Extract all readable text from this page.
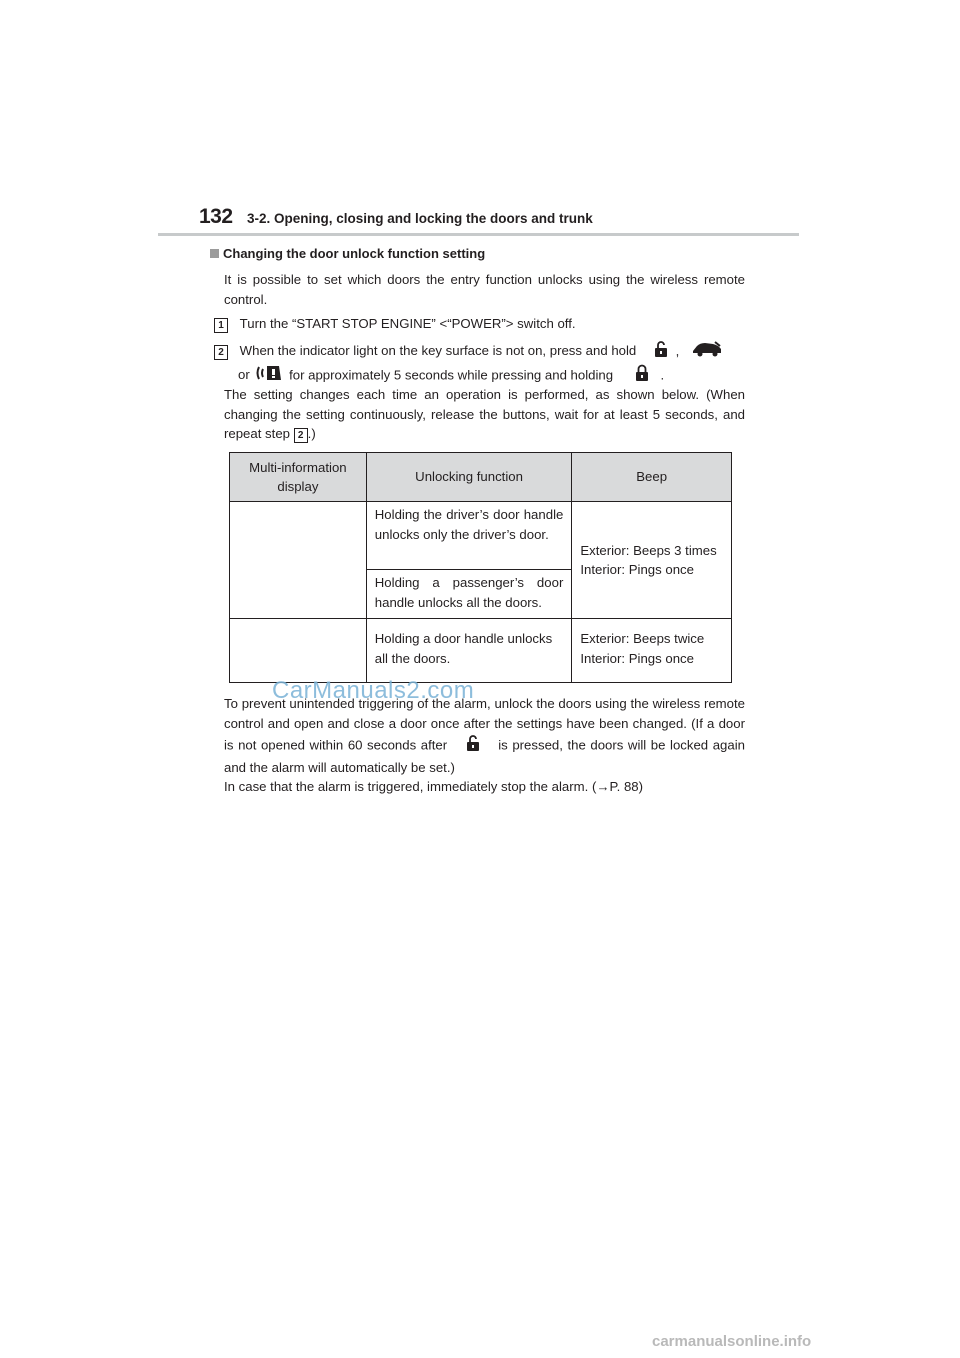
132 3-2. Opening, closing and locking the doors and trunk
Changing the door unlock function setting
It is possible to set which doors the entry function unlocks using the wireless remote control.
1 Turn the “START STOP ENGINE” <“POWER”> switch off.
2 When the indicator light on the key surface is not on, press and hold	,
or	for approximately 5 seconds while pressing and holding	.
The setting changes each time an operation is performed, as shown below. (When changing the setting continuously, release the buttons, wait for at least 5 seconds, and repeat step 2 .)
Multi-information display	Unlocking function	Beep
	Holding the driver’s door handle unlocks only the driver’s door.	Exterior: Beeps 3 times
Interior: Pings once

	Holding a passenger’s door handle unlocks all the doors.	
	Holding a door handle unlocks all the doors.	Exterior: Beeps twice
Interior: Pings once
To prevent unintended triggering of the alarm, unlock the doors using the wireless remote control and open and close a door once after the settings have been changed. (If a door is not opened within 60 seconds after	is pressed, the doors will be locked again and the alarm will automatically be set.)
In case that the alarm is triggered, immediately stop the alarm. (→P. 88)
CarManuals2.com
carmanualsonline.info
